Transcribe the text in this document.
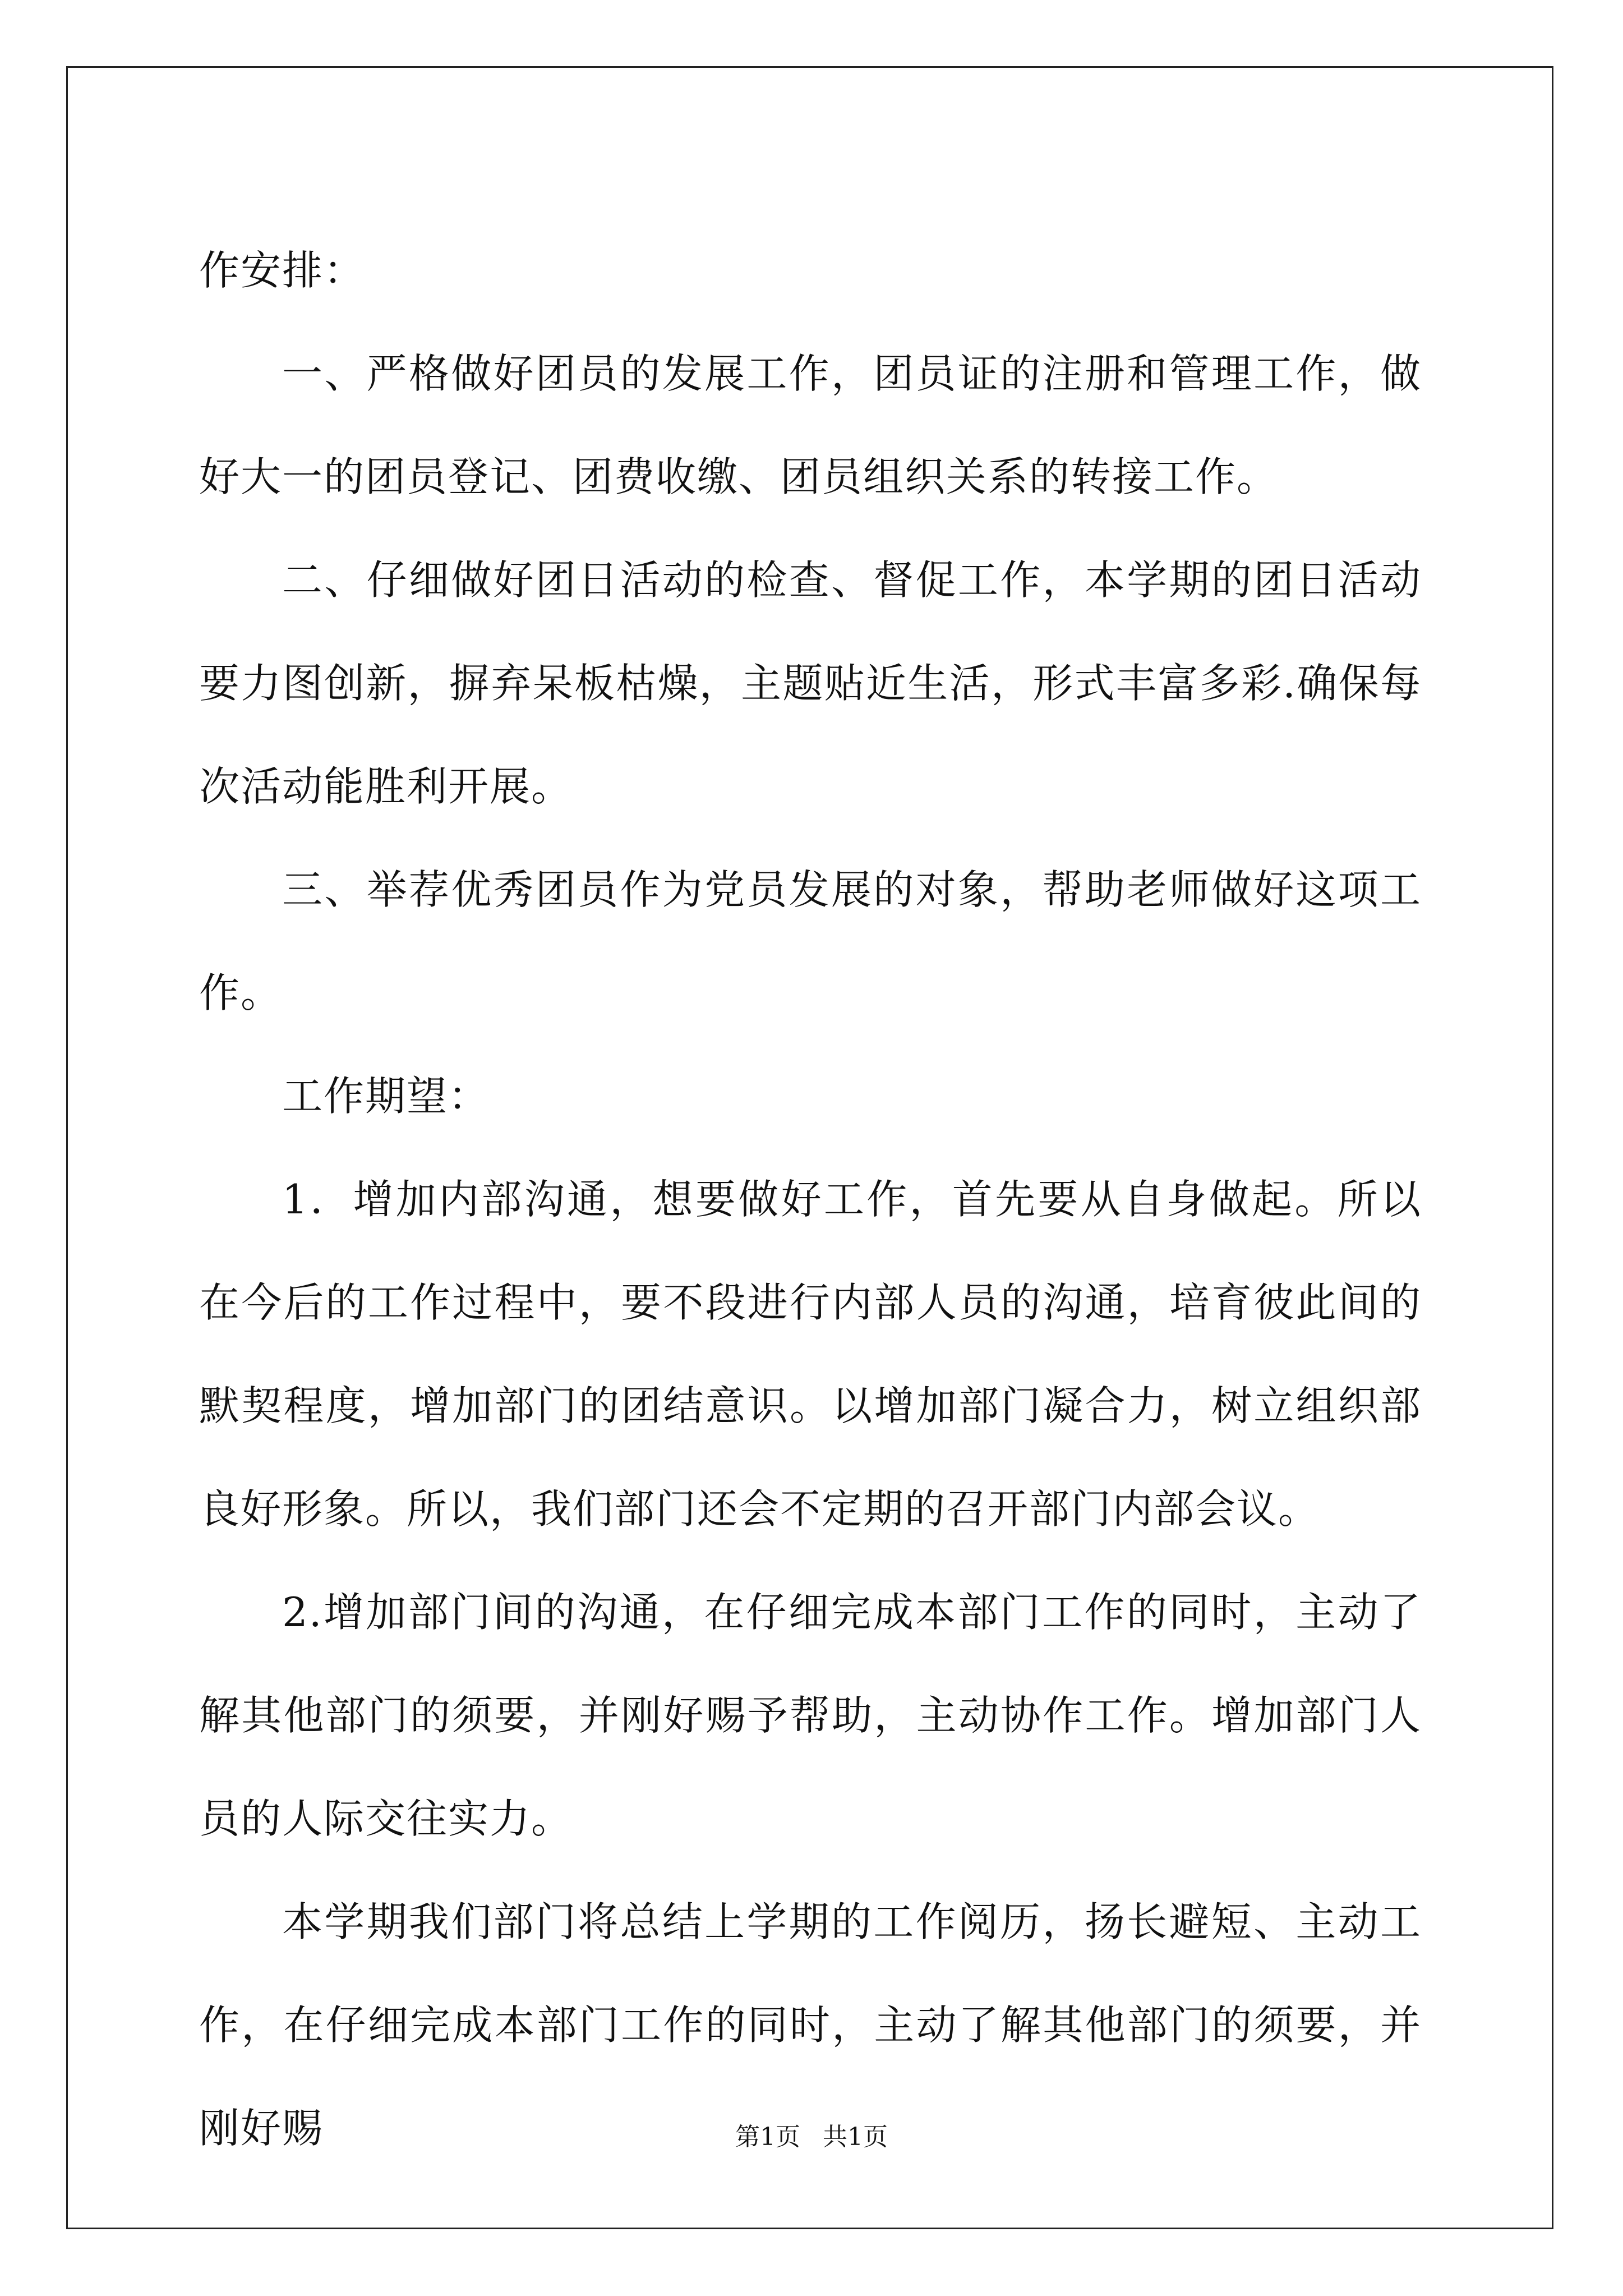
作安排：

一、严格做好团员的发展工作，团员证的注册和管理工作，做好大一的团员登记、团费收缴、团员组织关系的转接工作。

二、仔细做好团日活动的检查、督促工作，本学期的团日活动要力图创新，摒弃呆板枯燥，主题贴近生活，形式丰富多彩.确保每次活动能胜利开展。

三、举荐优秀团员作为党员发展的对象，帮助老师做好这项工作。

工作期望：

1．增加内部沟通，想要做好工作，首先要从自身做起。所以在今后的工作过程中，要不段进行内部人员的沟通，培育彼此间的默契程度，增加部门的团结意识。以增加部门凝合力，树立组织部良好形象。所以，我们部门还会不定期的召开部门内部会议。

2.增加部门间的沟通，在仔细完成本部门工作的同时，主动了解其他部门的须要，并刚好赐予帮助，主动协作工作。增加部门人员的人际交往实力。

本学期我们部门将总结上学期的工作阅历，扬长避短、主动工作，在仔细完成本部门工作的同时，主动了解其他部门的须要，并刚好赐	第1页 共1页
